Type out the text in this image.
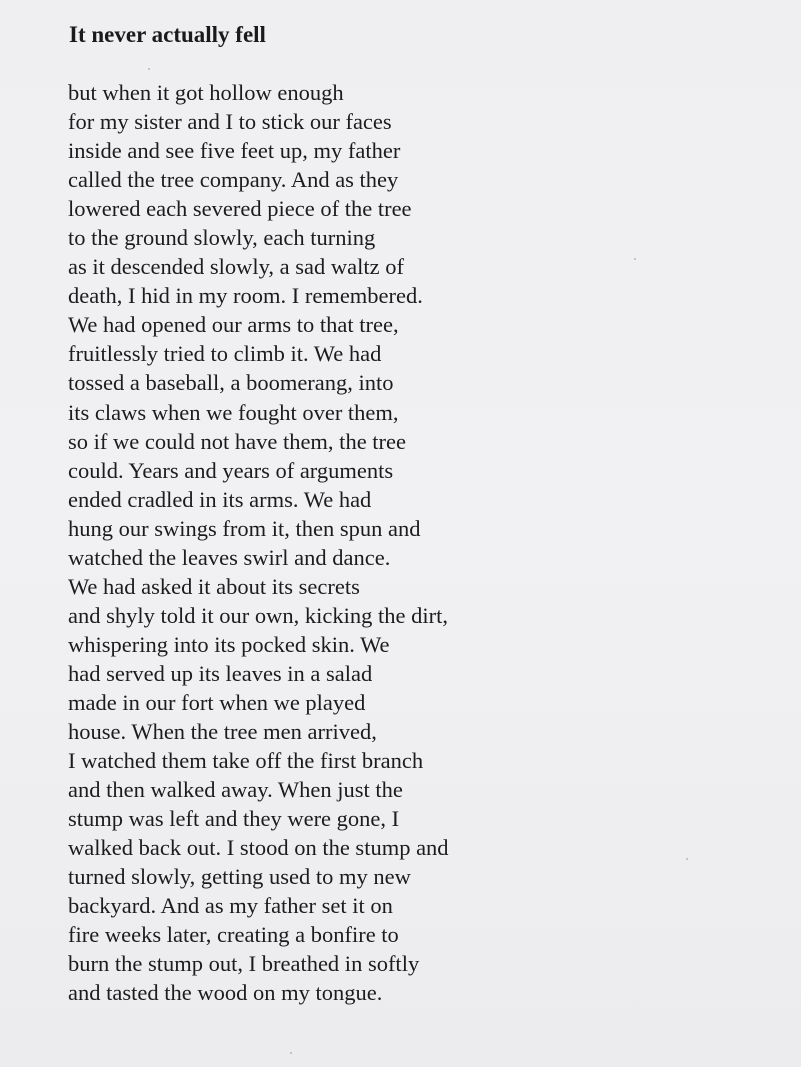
It never actually fell
but when it got hollow enough
for my sister and I to stick our faces
inside and see five feet up, my father
called the tree company. And as they
lowered each severed piece of the tree
to the ground slowly, each turning
as it descended slowly, a sad waltz of
death, I hid in my room. I remembered.
We had opened our arms to that tree,
fruitlessly tried to climb it. We had
tossed a baseball, a boomerang, into
its claws when we fought over them,
so if we could not have them, the tree
could. Years and years of arguments
ended cradled in its arms. We had
hung our swings from it, then spun and
watched the leaves swirl and dance.
We had asked it about its secrets
and shyly told it our own, kicking the dirt,
whispering into its pocked skin. We
had served up its leaves in a salad
made in our fort when we played
house. When the tree men arrived,
I watched them take off the first branch
and then walked away. When just the
stump was left and they were gone, I
walked back out. I stood on the stump and
turned slowly, getting used to my new
backyard. And as my father set it on
fire weeks later, creating a bonfire to
burn the stump out, I breathed in softly
and tasted the wood on my tongue.
